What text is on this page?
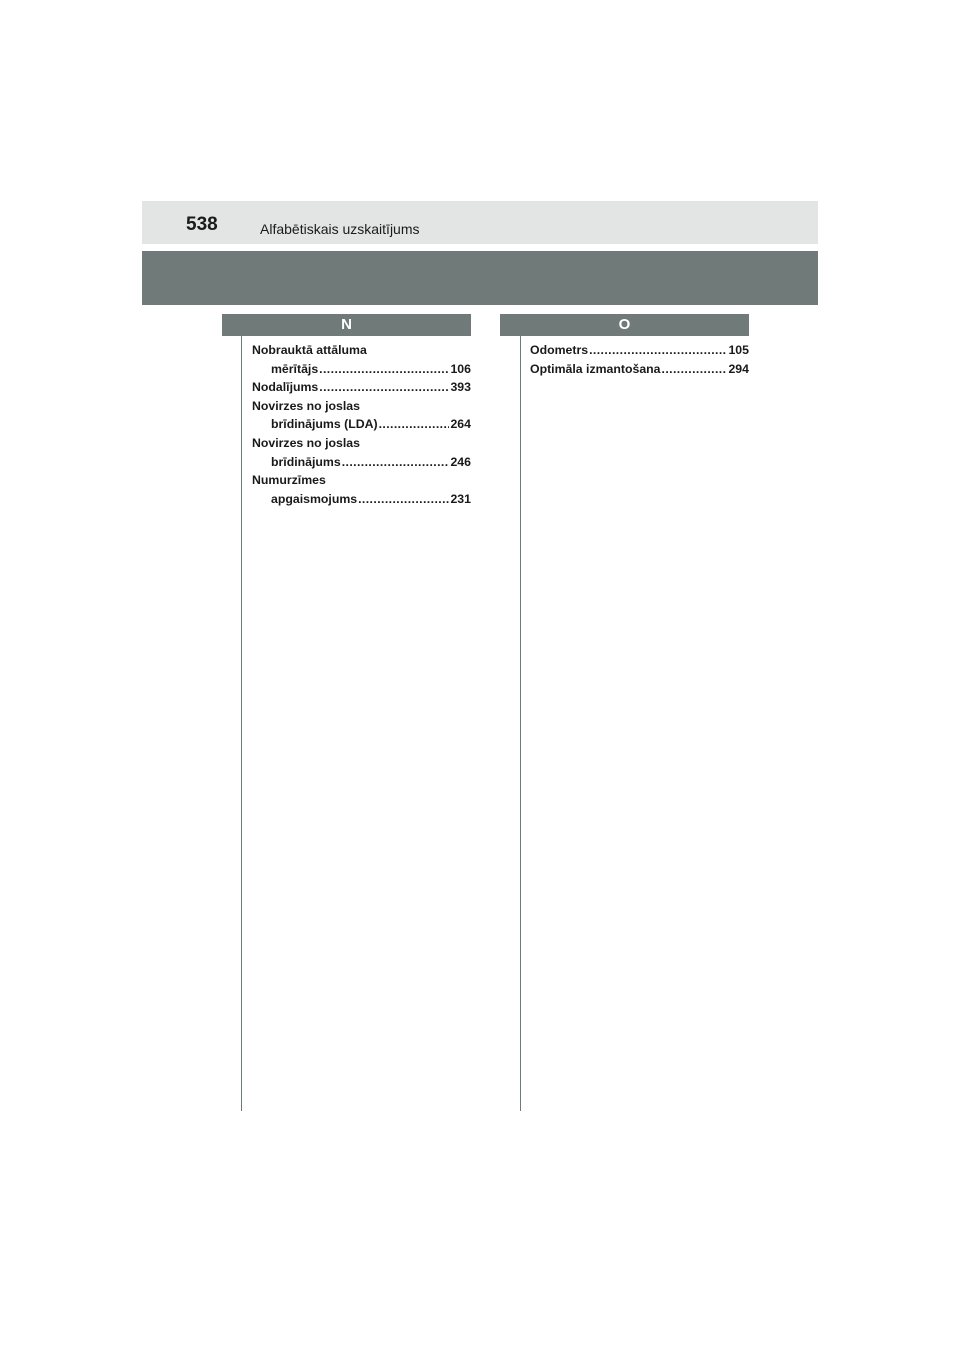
538	Alfabētiskais uzskaitījums
N	O
Nobrauktā attāluma
mērītājs .....	106
Nodalījums .....	393
Novirzes no joslas
brīdinājums (LDA) .....	264
Novirzes no joslas
brīdinājums .....	246
Numurzīmes
apgaismojums .....	231
Odometrs .....	105
Optimāla izmantošana .....	294
